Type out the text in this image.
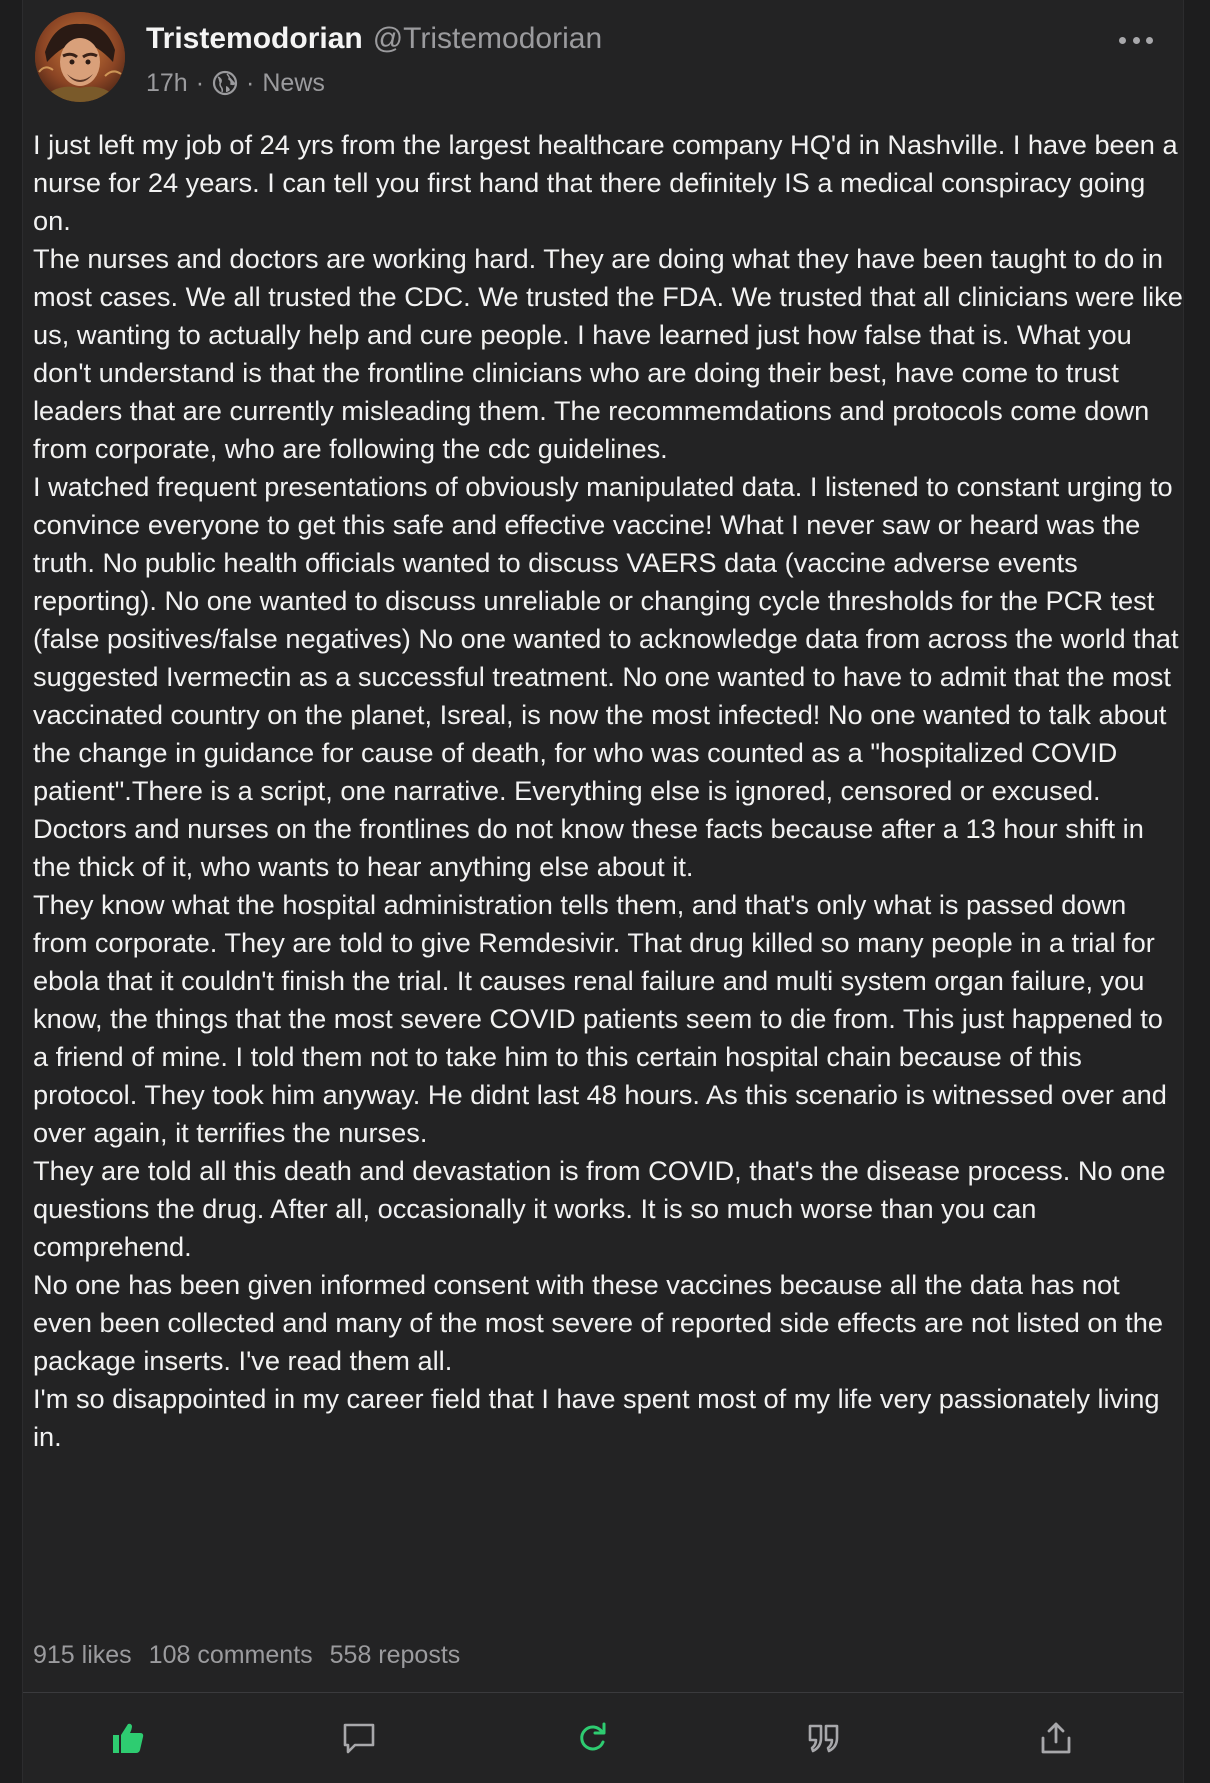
Tristemodorian @Tristemodorian
17h · · News

I just left my job of 24 yrs from the largest healthcare company HQ'd in Nashville. I have been a nurse for 24 years. I can tell you first hand that there definitely IS a medical conspiracy going on.

The nurses and doctors are working hard. They are doing what they have been taught to do in most cases. We all trusted the CDC. We trusted the FDA. We trusted that all clinicians were like us, wanting to actually help and cure people. I have learned just how false that is. What you don't understand is that the frontline clinicians who are doing their best, have come to trust leaders that are currently misleading them. The recommemdations and protocols come down from corporate, who are following the cdc guidelines.

I watched frequent presentations of obviously manipulated data. I listened to constant urging to convince everyone to get this safe and effective vaccine! What I never saw or heard was the truth. No public health officials wanted to discuss VAERS data (vaccine adverse events reporting). No one wanted to discuss unreliable or changing cycle thresholds for the PCR test (false positives/false negatives) No one wanted to acknowledge data from across the world that suggested Ivermectin as a successful treatment. No one wanted to have to admit that the most vaccinated country on the planet, Isreal, is now the most infected! No one wanted to talk about the change in guidance for cause of death, for who was counted as a "hospitalized COVID patient".There is a script, one narrative. Everything else is ignored, censored or excused. Doctors and nurses on the frontlines do not know these facts because after a 13 hour shift in the thick of it, who wants to hear anything else about it.

They know what the hospital administration tells them, and that's only what is passed down from corporate. They are told to give Remdesivir. That drug killed so many people in a trial for ebola that it couldn't finish the trial. It causes renal failure and multi system organ failure, you know, the things that the most severe COVID patients seem to die from. This just happened to a friend of mine. I told them not to take him to this certain hospital chain because of this protocol. They took him anyway. He didnt last 48 hours. As this scenario is witnessed over and over again, it terrifies the nurses.

They are told all this death and devastation is from COVID, that's the disease process. No one questions the drug. After all, occasionally it works. It is so much worse than you can comprehend.

No one has been given informed consent with these vaccines because all the data has not even been collected and many of the most severe of reported side effects are not listed on the package inserts. I've read them all.

I'm so disappointed in my career field that I have spent most of my life very passionately living in.

915 likes 108 comments 558 reposts
